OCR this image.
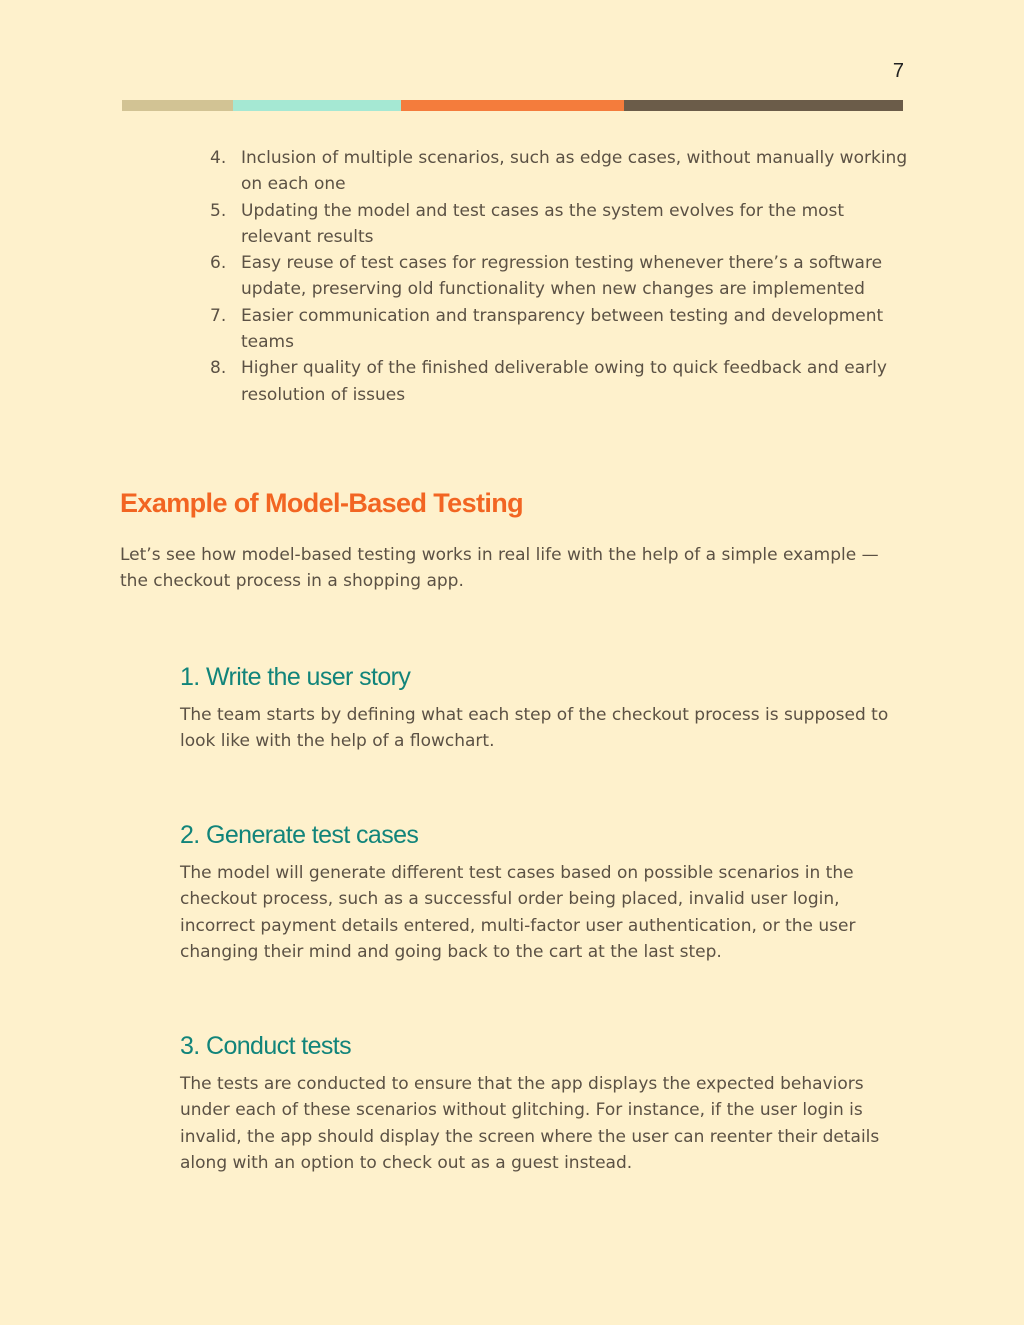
7
4. Inclusion of multiple scenarios, such as edge cases, without manually working on each one
5. Updating the model and test cases as the system evolves for the most relevant results
6. Easy reuse of test cases for regression testing whenever there’s a software update, preserving old functionality when new changes are implemented
7. Easier communication and transparency between testing and development teams
8. Higher quality of the finished deliverable owing to quick feedback and early resolution of issues
Example of Model-Based Testing

Let’s see how model-based testing works in real life with the help of a simple example — the checkout process in a shopping app.

1. Write the user story

The team starts by defining what each step of the checkout process is supposed to look like with the help of a flowchart.

2. Generate test cases

The model will generate different test cases based on possible scenarios in the checkout process, such as a successful order being placed, invalid user login, incorrect payment details entered, multi-factor user authentication, or the user changing their mind and going back to the cart at the last step.

3. Conduct tests

The tests are conducted to ensure that the app displays the expected behaviors under each of these scenarios without glitching. For instance, if the user login is invalid, the app should display the screen where the user can reenter their details along with an option to check out as a guest instead.
